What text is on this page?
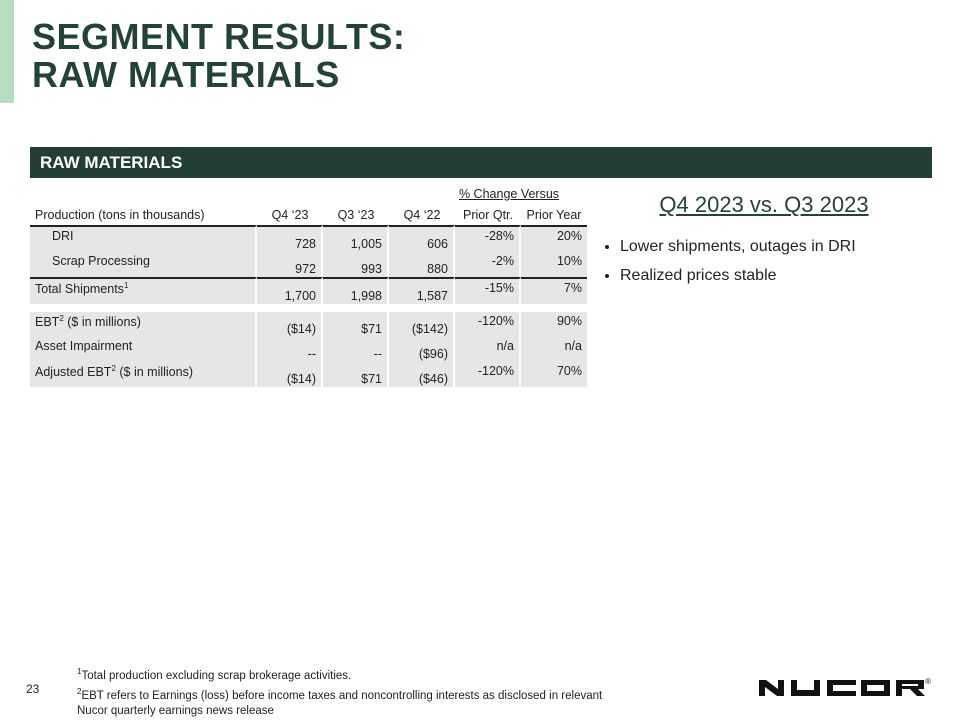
SEGMENT RESULTS:
RAW MATERIALS
RAW MATERIALS
% Change Versus
Production (tons in thousands)	Q4 ‘23	Q3 ‘23	Q4 ‘22	Prior Qtr.	Prior Year
DRI	728	1,005	606	-28%	20%
Scrap Processing	972	993	880	-2%	10%
Total Shipments$^1$	1,700	1,998	1,587	-15%	7%

EBT$^2$ ($ in millions)	($14)	$71	($142)	-120%	90%
Asset Impairment	--	--	($96)	n/a	n/a
Adjusted EBT$^2$ ($ in millions)	($14)	$71	($46)	-120%	70%
Q4 2023 vs. Q3 2023
• Lower shipments, outages in DRI
• Realized prices stable
23
$^1$Total production excluding scrap brokerage activities.
$^2$EBT refers to Earnings (loss) before income taxes and noncontrolling interests as disclosed in relevant
Nucor quarterly earnings news release
®
